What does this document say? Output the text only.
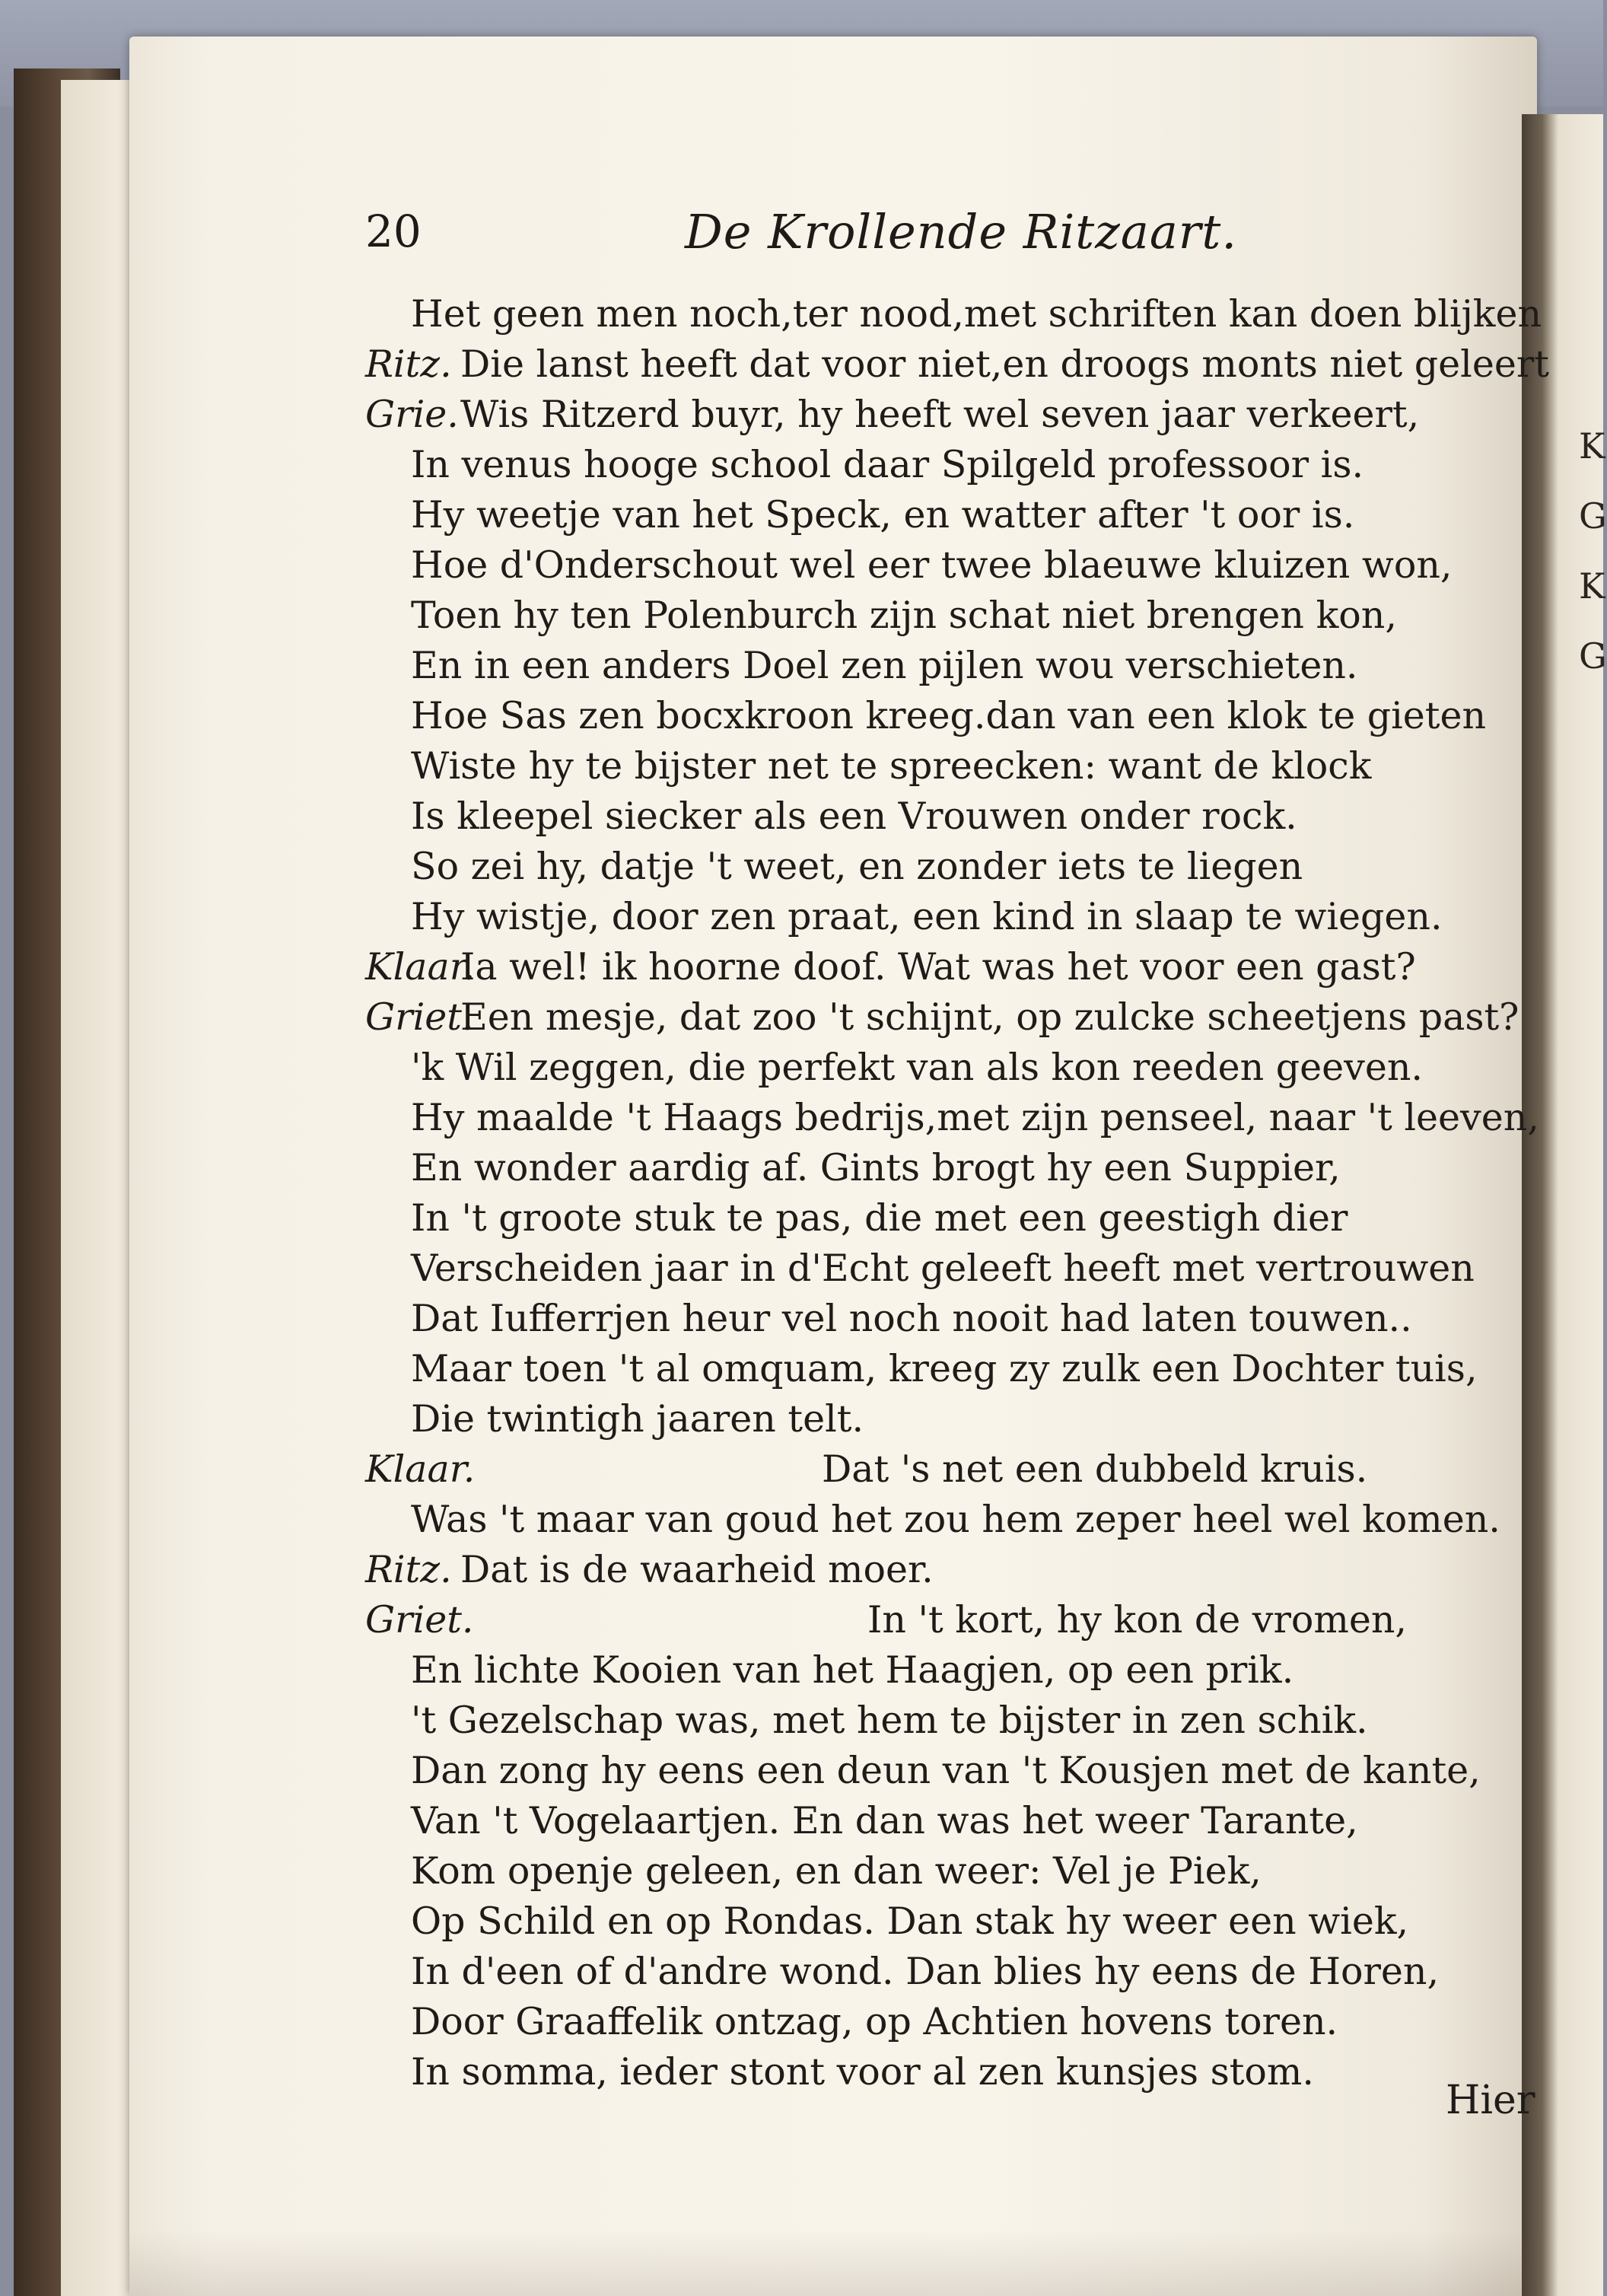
K
G
K
G
20	De Krollende Ritzaart.
Het geen men noch,ter nood,met schriften kan doen blijken
Ritz. Die lanst heeft dat voor niet,en droogs monts niet geleert
Grie. Wis Ritzerd buyr, hy heeft wel seven jaar verkeert,
In venus hooge school daar Spilgeld professoor is.
Hy weetje van het Speck, en watter after 't oor is.
Hoe d'Onderschout wel eer twee blaeuwe kluizen won,
Toen hy ten Polenburch zijn schat niet brengen kon,
En in een anders Doel zen pijlen wou verschieten.
Hoe Sas zen bocxkroon kreeg.dan van een klok te gieten
Wiste hy te bijster net te spreecken: want de klock
Is kleepel siecker als een Vrouwen onder rock.
So zei hy, datje 't weet, en zonder iets te liegen
Hy wistje, door zen praat, een kind in slaap te wiegen.
Klaar.
Ia wel! ik hoorne doof. Wat was het voor een gast?
Griet.
Een mesje, dat zoo 't schijnt, op zulcke scheetjens past?
'k Wil zeggen, die perfekt van als kon reeden geeven.
Hy maalde 't Haags bedrijs,met zijn penseel, naar 't leeven,
En wonder aardig af. Gints brogt hy een Suppier,
In 't groote stuk te pas, die met een geestigh dier
Verscheiden jaar in d'Echt geleeft heeft met vertrouwen
Dat Iufferrjen heur vel noch nooit had laten touwen..
Maar toen 't al omquam, kreeg zy zulk een Dochter tuis,
Die twintigh jaaren telt.
Klaar.	Dat 's net een dubbeld kruis.
Was 't maar van goud het zou hem zeper heel wel komen.
Ritz. Dat is de waarheid moer.
Griet.	In 't kort, hy kon de vromen,
En lichte Kooien van het Haagjen, op een prik.
't Gezelschap was, met hem te bijster in zen schik.
Dan zong hy eens een deun van 't Kousjen met de kante,
Van 't Vogelaartjen. En dan was het weer Tarante,
Kom openje geleen, en dan weer: Vel je Piek,
Op Schild en op Rondas. Dan stak hy weer een wiek,
In d'een of d'andre wond. Dan blies hy eens de Horen,
Door Graaffelik ontzag, op Achtien hovens toren.
In somma, ieder stont voor al zen kunsjes stom.
Hier
